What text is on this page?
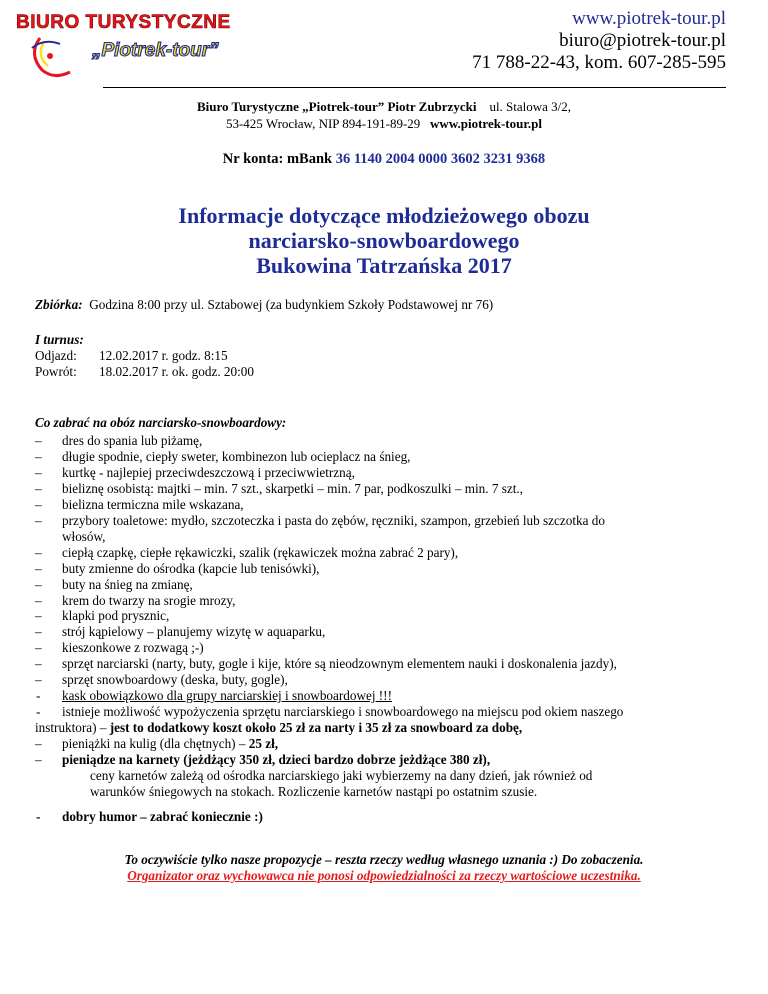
BIURO TURYSTYCZNE
„Piotrek-tour”
www.piotrek-tour.pl
biuro@piotrek-tour.pl
71 788-22-43, kom. 607-285-595
Biuro Turystyczne „Piotrek-tour” Piotr Zubrzycki ul. Stalowa 3/2,
53-425 Wrocław, NIP 894-191-89-29 www.piotrek-tour.pl
Nr konta: mBank 36 1140 2004 0000 3602 3231 9368
Informacje dotyczące młodzieżowego obozu
narciarsko-snowboardowego
Bukowina Tatrzańska 2017
Zbiórka: Godzina 8:00 przy ul. Sztabowej (za budynkiem Szkoły Podstawowej nr 76)
I turnus:
Odjazd: 12.02.2017 r. godz. 8:15
Powrót: 18.02.2017 r. ok. godz. 20:00
Co zabrać na obóz narciarsko-snowboardowy:
–	dres do spania lub piżamę,
–	długie spodnie, ciepły sweter, kombinezon lub ocieplacz na śnieg,
–	kurtkę - najlepiej przeciwdeszczową i przeciwwietrzną,
–	bieliznę osobistą: majtki – min. 7 szt., skarpetki – min. 7 par, podkoszulki – min. 7 szt.,
–	bielizna termiczna mile wskazana,
–	przybory toaletowe: mydło, szczoteczka i pasta do zębów, ręczniki, szampon, grzebień lub szczotka do
włosów,
–	ciepłą czapkę, ciepłe rękawiczki, szalik (rękawiczek można zabrać 2 pary),
–	buty zmienne do ośrodka (kapcie lub tenisówki),
–	buty na śnieg na zmianę,
–	krem do twarzy na srogie mrozy,
–	klapki pod prysznic,
–	strój kąpielowy – planujemy wizytę w aquaparku,
–	kieszonkowe z rozwagą ;-)
–	sprzęt narciarski (narty, buty, gogle i kije, które są nieodzownym elementem nauki i doskonalenia jazdy),
–	sprzęt snowboardowy (deska, buty, gogle),
-	kask obowiązkowo dla grupy narciarskiej i snowboardowej !!!
-	istnieje możliwość wypożyczenia sprzętu narciarskiego i snowboardowego na miejscu pod okiem naszego
instruktora) – jest to dodatkowy koszt około 25 zł za narty i 35 zł za snowboard za dobę,
–	pieniążki na kulig (dla chętnych) – 25 zł,
–	pieniądze na karnety (jeżdżący 350 zł, dzieci bardzo dobrze jeżdżące 380 zł),
ceny karnetów zależą od ośrodka narciarskiego jaki wybierzemy na dany dzień, jak również od
warunków śniegowych na stokach. Rozliczenie karnetów nastąpi po ostatnim szusie.
-	dobry humor – zabrać koniecznie :)
To oczywiście tylko nasze propozycje – reszta rzeczy według własnego uznania :) Do zobaczenia.
Organizator oraz wychowawca nie ponosi odpowiedzialności za rzeczy wartościowe uczestnika.
